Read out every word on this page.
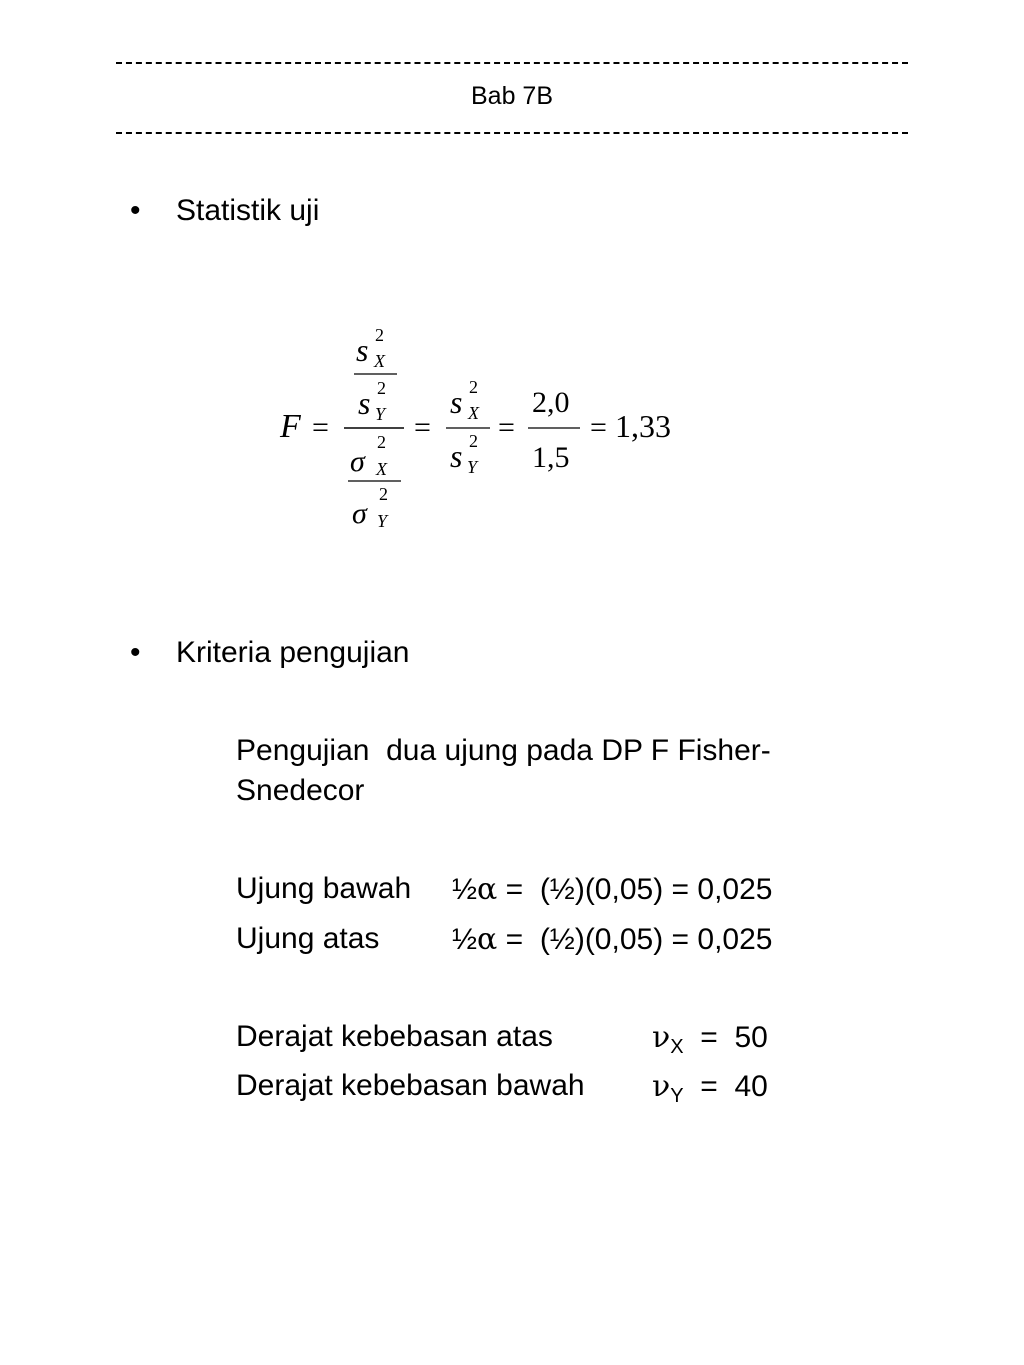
Bab 7B
• Statistik uji
F =
s 2
X
s 2
Y
σ
2
X
σ
2
Y
=
s 2
X
s 2
Y
=
2,0
1,5
= 1,33
• Kriteria pengujian
Pengujian  dua ujung pada DP F Fisher-
Snedecor
Ujung bawah ½α =  (½)(0,05) = 0,025
Ujung atas ½α =  (½)(0,05) = 0,025
Derajat kebebasan atas	$\nu_X = 50$
Derajat kebebasan bawah $\nu_Y = 40$
